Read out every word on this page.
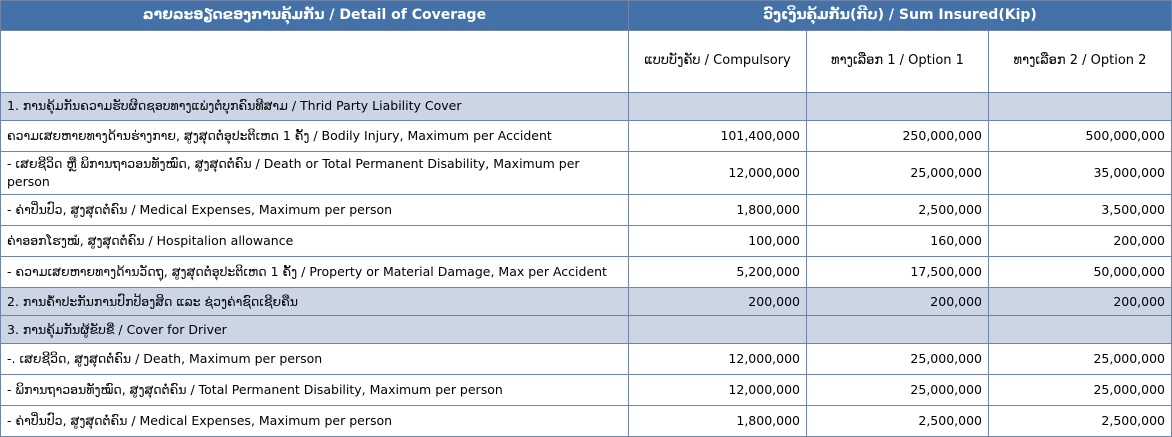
ລາຍລະອຽດຂອງການຄຸ້ມກັນ / Detail of Coverage	ວົງເງິນຄຸ້ມກັນ(ກີບ) / Sum Insured(Kip)		
	ແບບບັງຄັບ / Compulsory	ທາງເລືອກ 1 / Option 1	ທາງເລືອກ 2 / Option 2
1. ການຄຸ້ມກັນຄວາມຮັບຜິດຊອບທາງແພ່ງຕໍ່ບຸກຄົນທີສາມ / Thrid Party Liability Cover			
ຄວາມເສຍຫາຍທາງດ້ານຮ່າງກາຍ, ສູງສຸດຕໍ່ອຸປະຕິເຫດ 1 ຄັ້ງ / Bodily Injury, Maximum per Accident	101,400,000	250,000,000	500,000,000
- ເສຍຊີວິດ ຫຼື ພິການຖາວອນທັງໝົດ, ສູງສຸດຕໍ່ຄົນ / Death or Total Permanent Disability, Maximum per person	12,000,000	25,000,000	35,000,000
- ຄ່າປິ່ນປົວ, ສູງສຸດຕໍ່ຄົນ / Medical Expenses, Maximum per person	1,800,000	2,500,000	3,500,000
ຄ່າອອກໂຮງໝໍ, ສູງສຸດຕໍ່ຄົນ / Hospitalion allowance	100,000	160,000	200,000
- ຄວາມເສຍຫາຍທາງດ້ານວັດຖຸ, ສູງສຸດຕໍ່ອຸປະຕິເຫດ 1 ຄັ້ງ / Property or Material Damage, Max per Accident	5,200,000	17,500,000	50,000,000
2. ການຄ້ຳປະກັນການປົກປ້ອງສິດ ແລະ ຊ່ວງຄ່າຊົດເຊີຍຄືນ	200,000	200,000	200,000
3. ການຄຸ້ມກັນຜູ້ຂັບຂີ່ / Cover for Driver			
-. ເສຍຊີວິດ, ສູງສຸດຕໍ່ຄົນ / Death, Maximum per person	12,000,000	25,000,000	25,000,000
- ພິການຖາວອນທັງໝົດ, ສູງສຸດຕໍ່ຄົນ / Total Permanent Disability, Maximum per person	12,000,000	25,000,000	25,000,000
- ຄ່າປິ່ນປົວ, ສູງສຸດຕໍ່ຄົນ / Medical Expenses, Maximum per person	1,800,000	2,500,000	2,500,000
